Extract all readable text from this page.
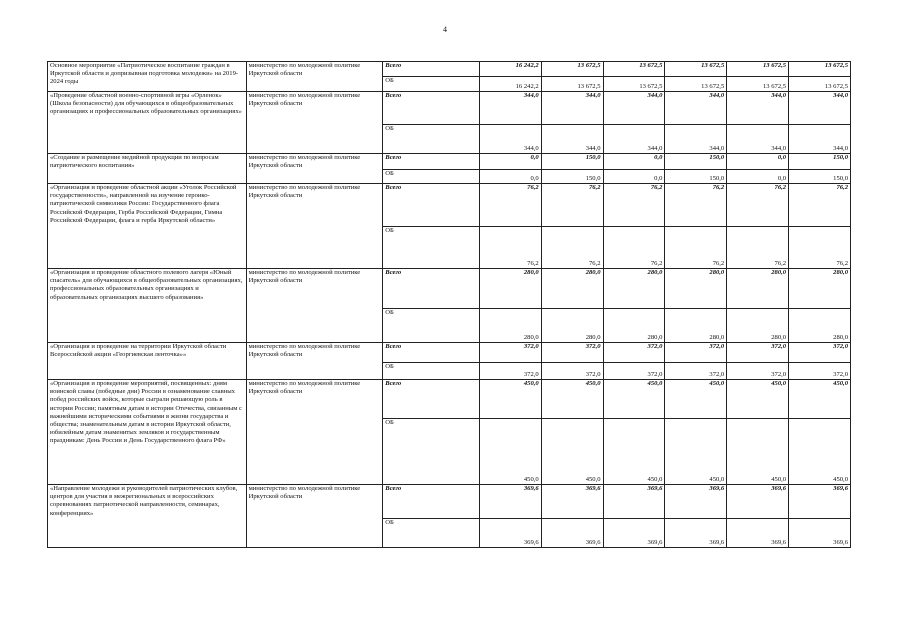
4
Основное мероприятие «Патриотическое воспитание граждан в Иркутской области и допризывная подготовка молодежи» на 2019-2024 годы	министерство по молодежной политике Иркутской области	Всего	16 242,2	13 672,5	13 672,5	13 672,5	13 672,5	13 672,5
		ОБ	16 242,2	13 672,5	13 672,5	13 672,5	13 672,5	13 672,5
«Проведение областной военно-спортивной игры «Орленок» (Школа безопасности) для обучающихся в общеобразовательных организациях и профессиональных образовательных организациях»	министерство по молодежной политике Иркутской области	Всего	344,0	344,0	344,0	344,0	344,0	344,0
		ОБ	344,0	344,0	344,0	344,0	344,0	344,0
«Создание и размещение медийной продукции по вопросам патриотического воспитания»	министерство по молодежной политике Иркутской области	Всего	0,0	150,0	0,0	150,0	0,0	150,0
		ОБ	0,0	150,0	0,0	150,0	0,0	150,0
«Организация и проведение областной акции «Уголок Российской государственности», направленной на изучение героико-патриотической символики России: Государственного флага Российской Федерации, Герба Российской Федерации, Гимна Российской Федерации, флага и герба Иркутской области»	министерство по молодежной политике Иркутской области	Всего	76,2	76,2	76,2	76,2	76,2	76,2
		ОБ	76,2	76,2	76,2	76,2	76,2	76,2
«Организация и проведение областного полевого лагеря «Юный спасатель» для обучающихся в общеобразовательных организациях, профессиональных образовательных организациях и образовательных организациях высшего образования»	министерство по молодежной политике Иркутской области	Всего	280,0	280,0	280,0	280,0	280,0	280,0
		ОБ	280,0	280,0	280,0	280,0	280,0	280,0
«Организация и проведение на территории Иркутской области Всероссийской акции «Георгиевская ленточка»»	министерство по молодежной политике Иркутской области	Всего	372,0	372,0	372,0	372,0	372,0	372,0
		ОБ	372,0	372,0	372,0	372,0	372,0	372,0
«Организация и проведение мероприятий, посвященных: дням воинской славы (победные дни) России в ознаменование славных побед российских войск, которые сыграли решающую роль в истории России; памятным датам в истории Отечества, связанным с важнейшими историческими событиями в жизни государства и общества; знаменательным датам в истории Иркутской области, юбилейным датам знаменитых земляков и государственным праздникам: День России и День Государственного флага РФ»	министерство по молодежной политике Иркутской области	Всего	450,0	450,0	450,0	450,0	450,0	450,0
		ОБ	450,0	450,0	450,0	450,0	450,0	450,0
«Направление молодежи и руководителей патриотических клубов, центров для участия в межрегиональных и всероссийских соревнованиях патриотической направленности, семинарах, конференциях»	министерство по молодежной политике Иркутской области	Всего	369,6	369,6	369,6	369,6	369,6	369,6
		ОБ	369,6	369,6	369,6	369,6	369,6	369,6
